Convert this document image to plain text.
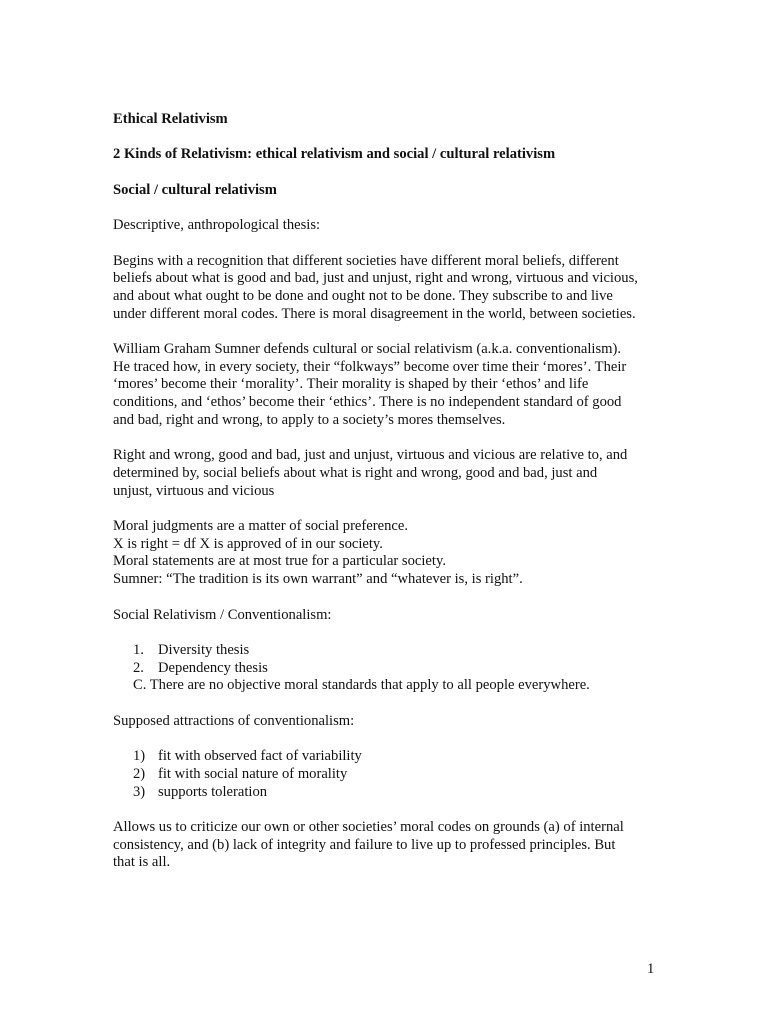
Ethical Relativism
2 Kinds of Relativism: ethical relativism and social / cultural relativism
Social / cultural relativism
Descriptive, anthropological thesis:
Begins with a recognition that different societies have different moral beliefs, different
beliefs about what is good and bad, just and unjust, right and wrong, virtuous and vicious,
and about what ought to be done and ought not to be done. They subscribe to and live
under different moral codes. There is moral disagreement in the world, between societies.
William Graham Sumner defends cultural or social relativism (a.k.a. conventionalism).
He traced how, in every society, their “folkways” become over time their ‘mores’. Their
‘mores’ become their ‘morality’. Their morality is shaped by their ‘ethos’ and life
conditions, and ‘ethos’ become their ‘ethics’. There is no independent standard of good
and bad, right and wrong, to apply to a society’s mores themselves.
Right and wrong, good and bad, just and unjust, virtuous and vicious are relative to, and
determined by, social beliefs about what is right and wrong, good and bad, just and
unjust, virtuous and vicious
Moral judgments are a matter of social preference.
X is right = df X is approved of in our society.
Moral statements are at most true for a particular society.
Sumner: “The tradition is its own warrant” and “whatever is, is right”.
Social Relativism / Conventionalism:
1. Diversity thesis
2. Dependency thesis
C. There are no objective moral standards that apply to all people everywhere.
Supposed attractions of conventionalism:
1) fit with observed fact of variability
2) fit with social nature of morality
3) supports toleration
Allows us to criticize our own or other societies’ moral codes on grounds (a) of internal
consistency, and (b) lack of integrity and failure to live up to professed principles. But
that is all.
1
